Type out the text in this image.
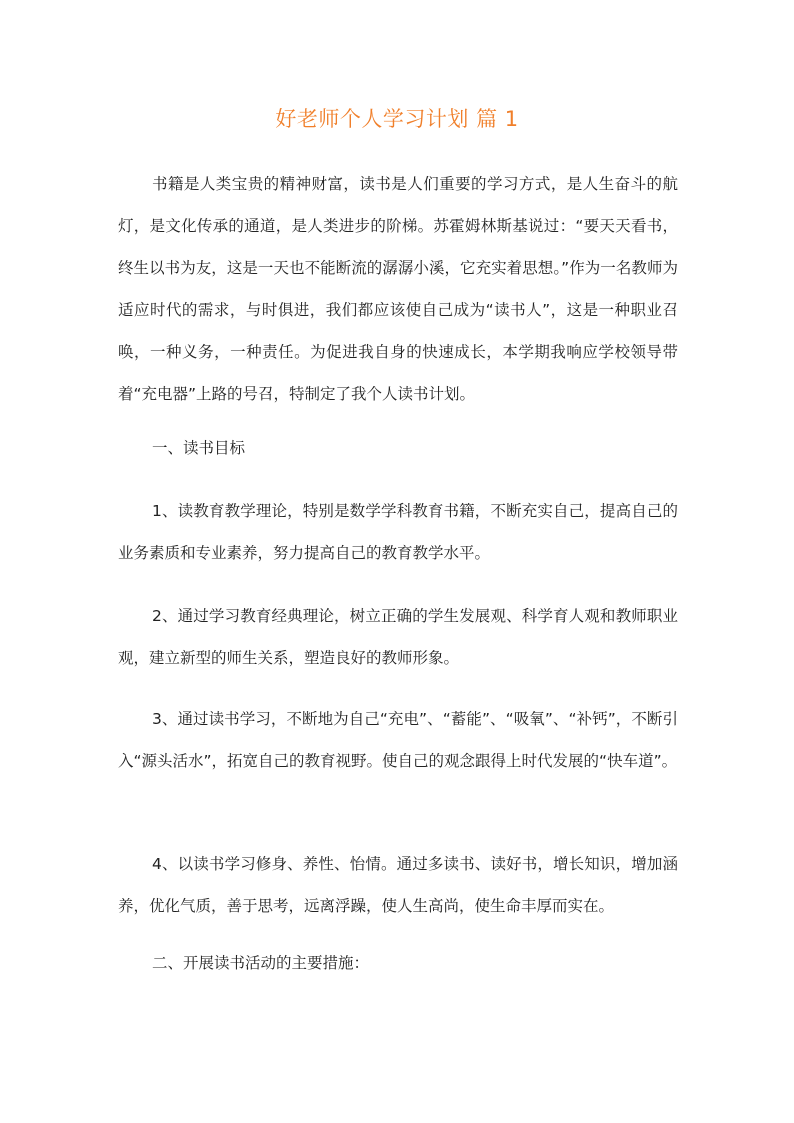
好老师个人学习计划 篇 1

书籍是人类宝贵的精神财富，读书是人们重要的学习方式，是人生奋斗的航灯，是文化传承的通道，是人类进步的阶梯。苏霍姆林斯基说过：“要天天看书，终生以书为友，这是一天也不能断流的潺潺小溪，它充实着思想。”作为一名教师为适应时代的需求，与时俱进，我们都应该使自己成为“读书人”，这是一种职业召唤，一种义务，一种责任。为促进我自身的快速成长，本学期我响应学校领导带着“充电器”上路的号召，特制定了我个人读书计划。

一、读书目标

1、读教育教学理论，特别是数学学科教育书籍，不断充实自己，提高自己的业务素质和专业素养，努力提高自己的教育教学水平。

2、通过学习教育经典理论，树立正确的学生发展观、科学育人观和教师职业观，建立新型的师生关系，塑造良好的教师形象。

3、通过读书学习，不断地为自己“充电”、“蓄能”、“吸氧”、“补钙”，不断引入“源头活水”，拓宽自己的教育视野。使自己的观念跟得上时代发展的“快车道”。

4、以读书学习修身、养性、怡情。通过多读书、读好书，增长知识，增加涵养，优化气质，善于思考，远离浮躁，使人生高尚，使生命丰厚而实在。

二、开展读书活动的主要措施：
